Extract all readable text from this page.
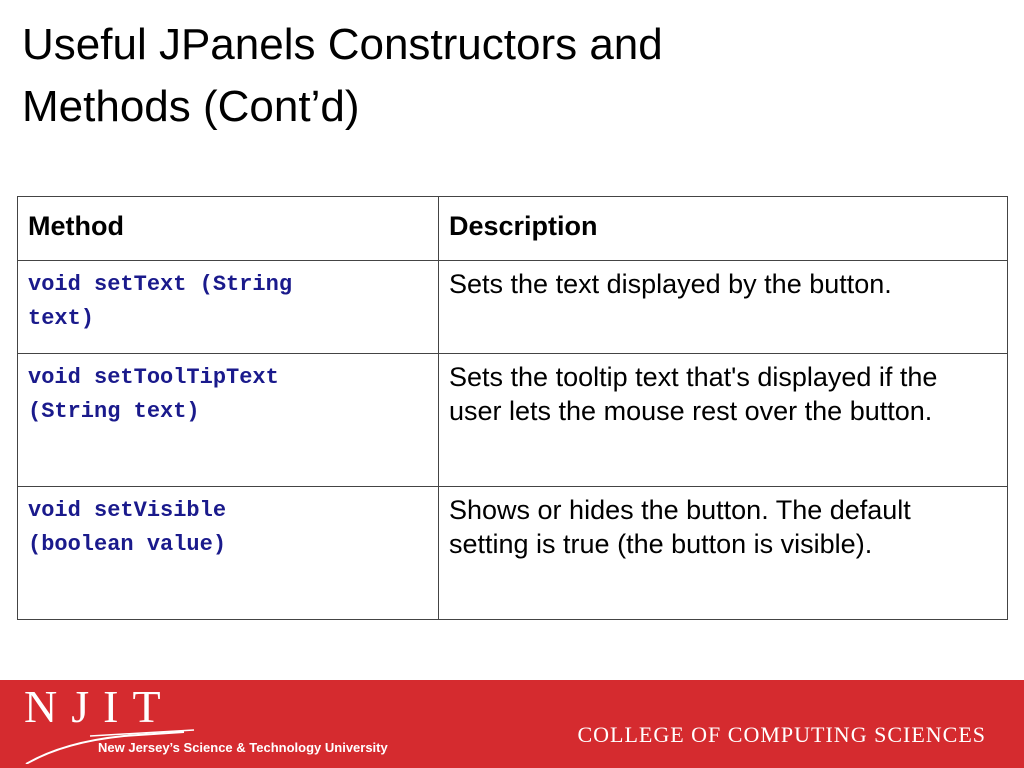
Useful JPanels Constructors and
Methods (Cont’d)
Method	Description

void setText (String
text)	Sets the text displayed by the button.

void setToolTipText
(String text)	Sets the tooltip text that's displayed if the user lets the mouse rest over the button.

void setVisible
(boolean value)	Shows or hides the button. The default setting is true (the button is visible).
NJIT
New Jersey’s Science & Technology University
COLLEGE OF COMPUTING SCIENCES
